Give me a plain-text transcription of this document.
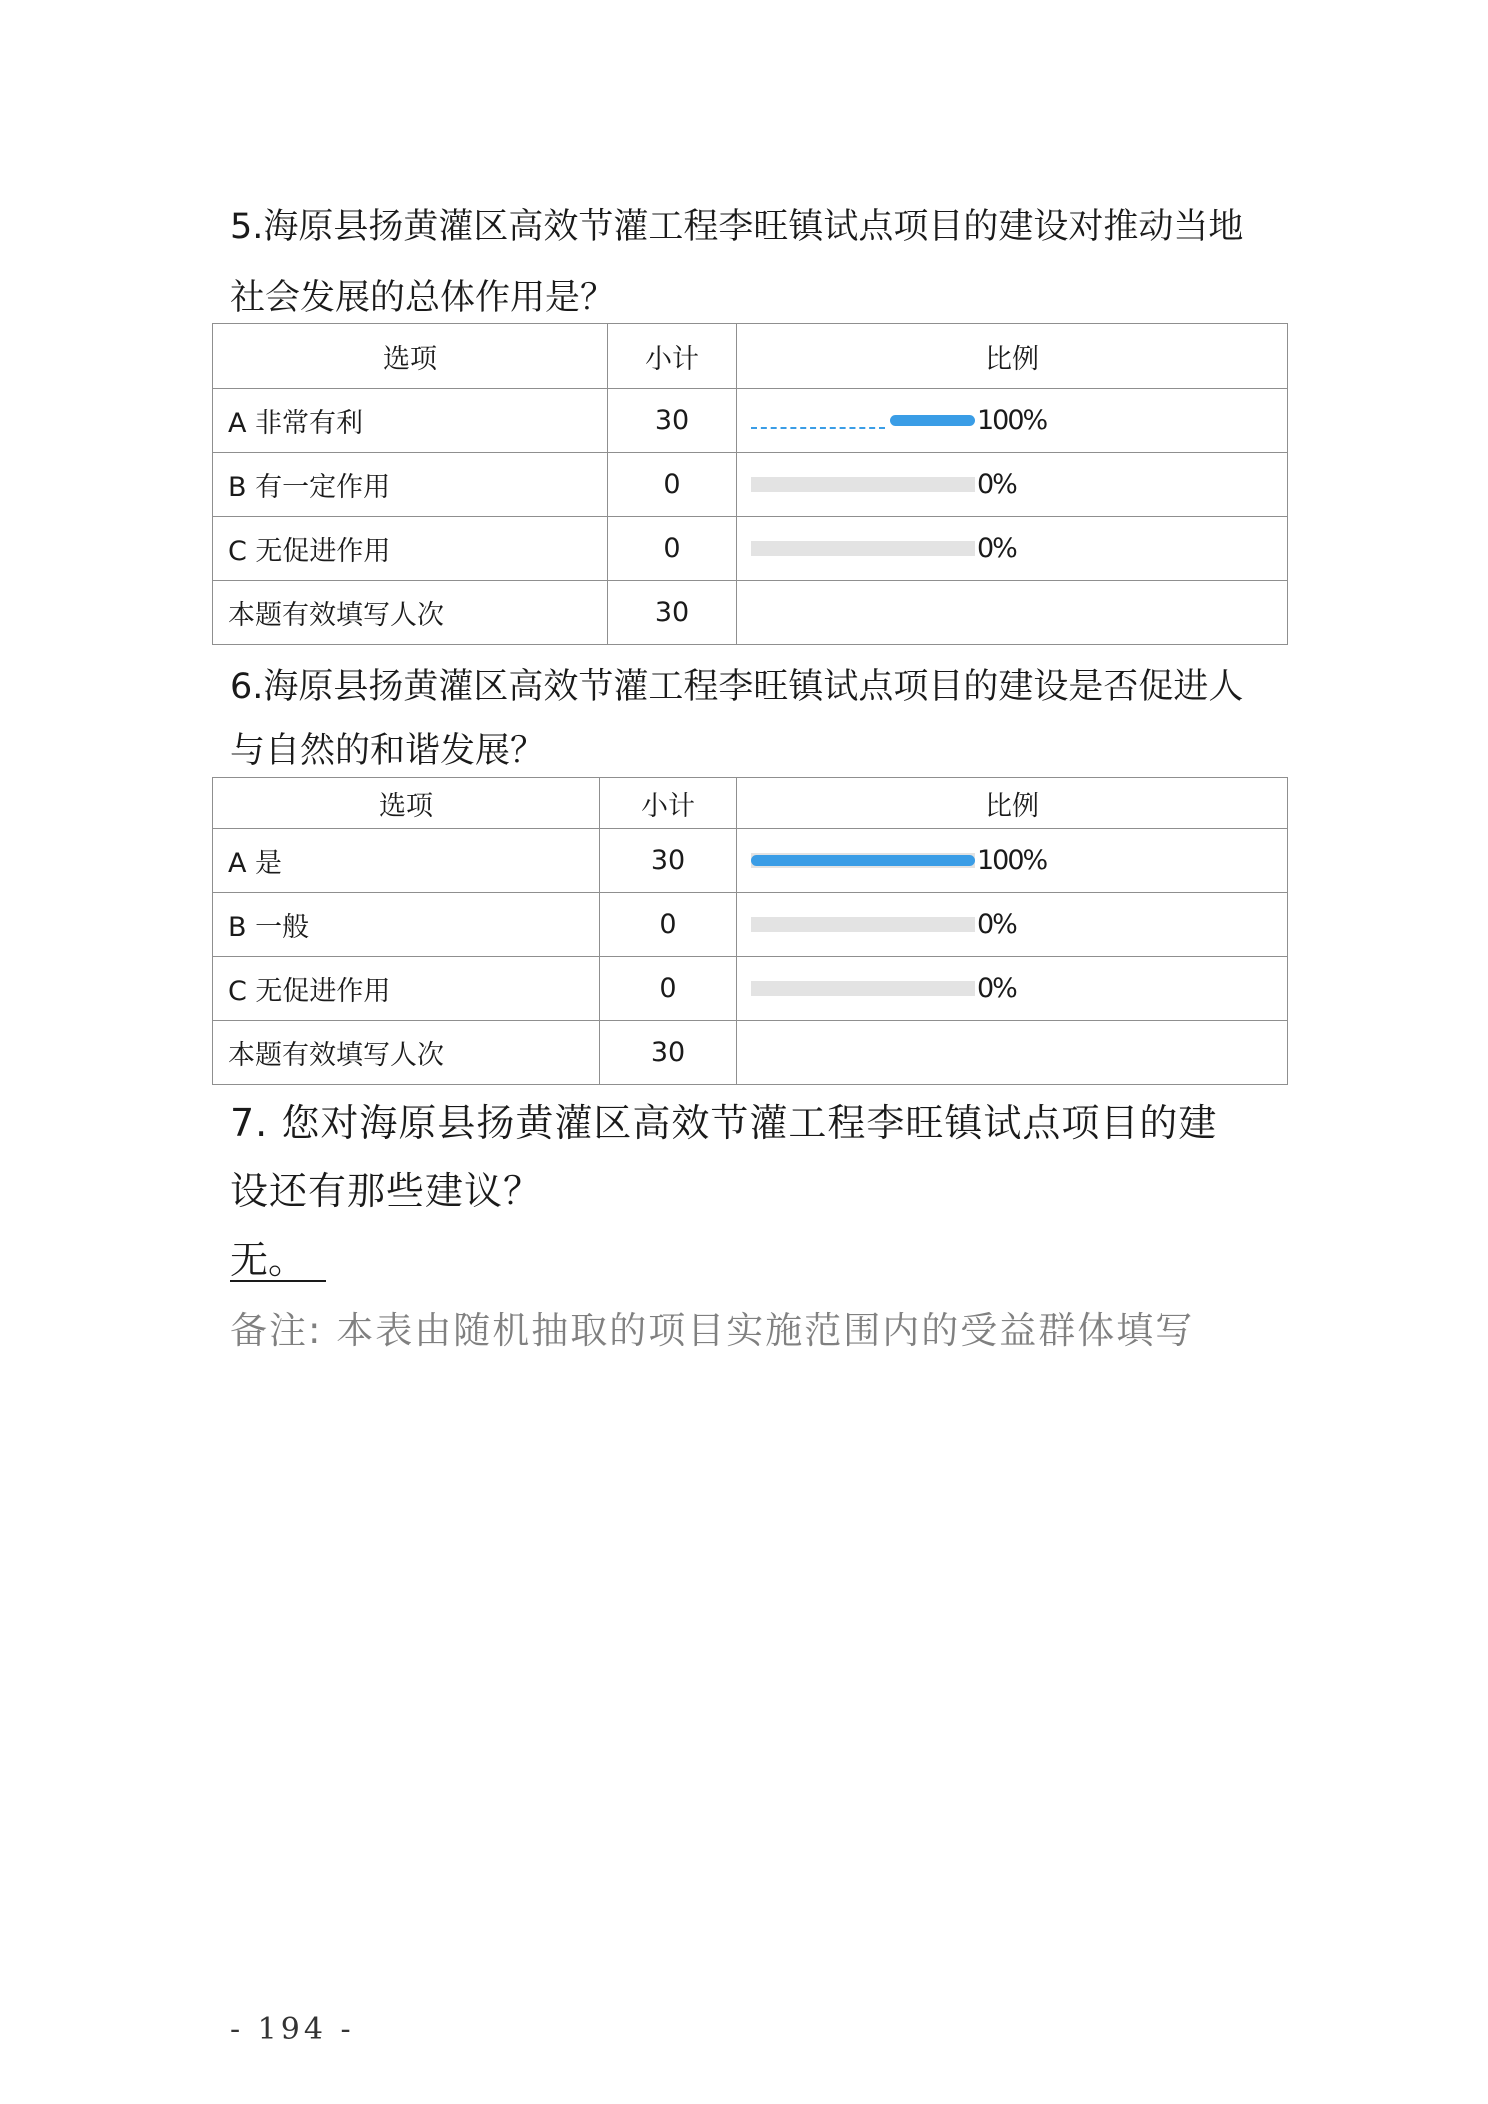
5.海原县扬黄灌区高效节灌工程李旺镇试点项目的建设对推动当地
社会发展的总体作用是？
选项	小计	比例
A 非常有利	30	100%

B 有一定作用	0	0%

C 无促进作用	0	0%

本题有效填写人次	30	
6.海原县扬黄灌区高效节灌工程李旺镇试点项目的建设是否促进人
与自然的和谐发展？
选项	小计	比例
A 是	30	100%

B 一般	0	0%

C 无促进作用	0	0%

本题有效填写人次	30	
7. 您对海原县扬黄灌区高效节灌工程李旺镇试点项目的建
设还有那些建议？
无。
备注: 本表由随机抽取的项目实施范围内的受益群体填写
- 194 -
